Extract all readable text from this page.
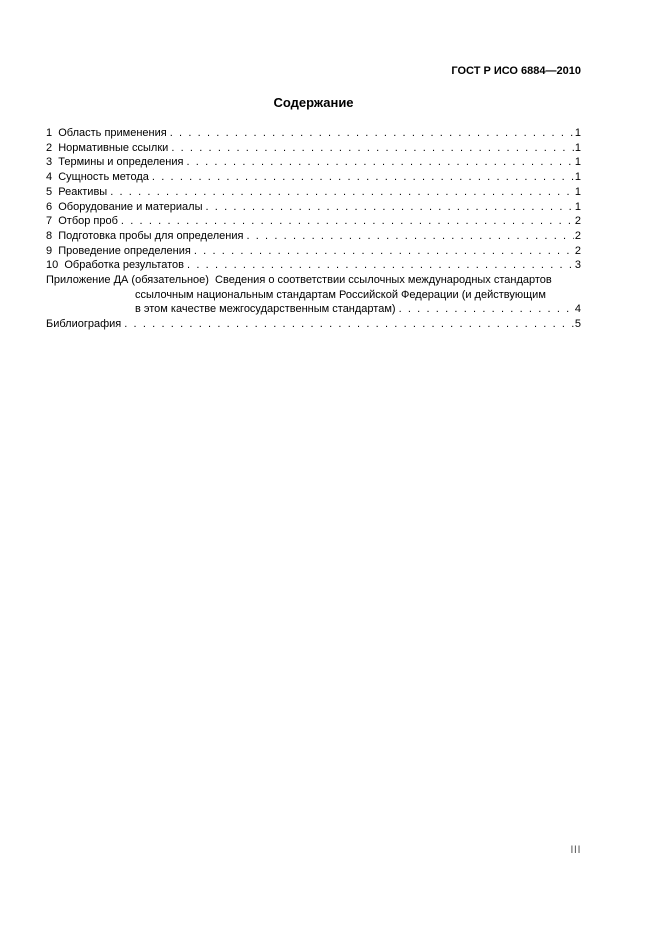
ГОСТ Р ИСО 6884—2010
Содержание
1  Область применения . . .	1
2  Нормативные ссылки . . .	1
3  Термины и определения . . .	1
4  Сущность метода . . .	1
5  Реактивы . . .	1
6  Оборудование и материалы . . .	1
7  Отбор проб . . .	2
8  Подготовка пробы для определения . . .	2
9  Проведение определения . . .	2
10  Обработка результатов . . .	3
Приложение ДА (обязательное)  Сведения о соответствии ссылочных международных стандартов
ссылочным национальным стандартам Российской Федерации (и действующим
в этом качестве межгосударственным стандартам) . . .	4
Библиография . . .	5
III
